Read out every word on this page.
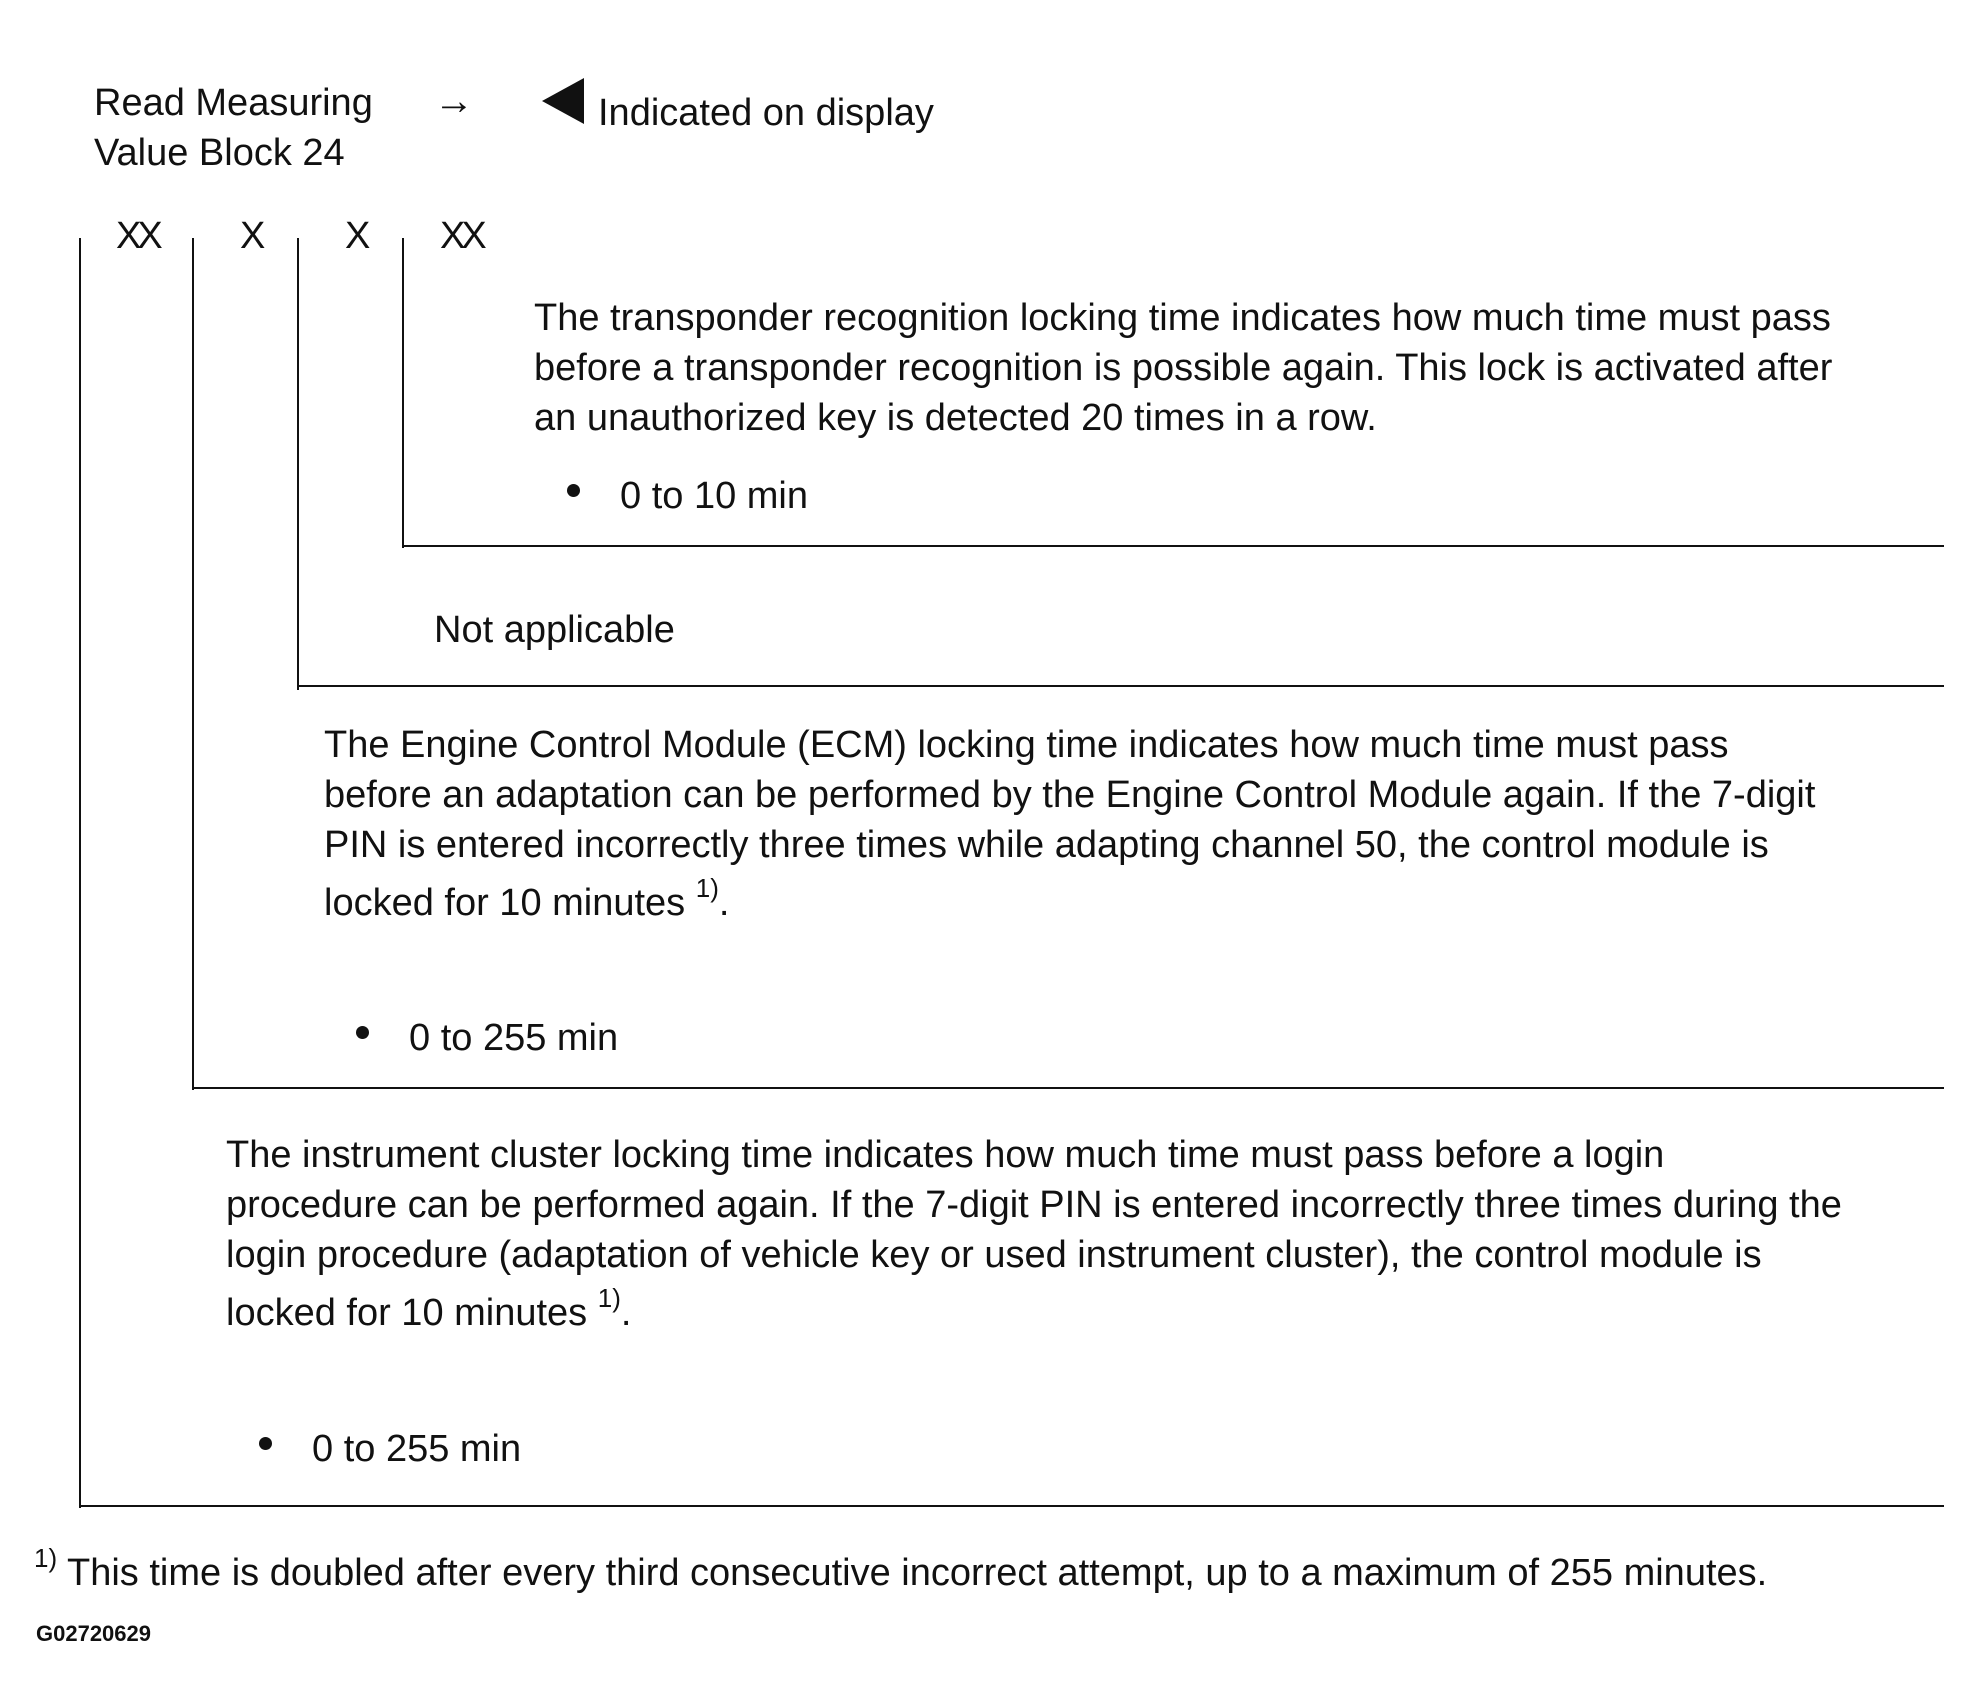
Read Measuring
Value Block 24
→	Indicated on display
XX X X XX
The transponder recognition locking time indicates how much time must pass
before a transponder recognition is possible again. This lock is activated after
an unauthorized key is detected 20 times in a row.
0 to 10 min
Not applicable
The Engine Control Module (ECM) locking time indicates how much time must pass
before an adaptation can be performed by the Engine Control Module again. If the 7-digit
PIN is entered incorrectly three times while adapting channel 50, the control module is
locked for 10 minutes $^{1)}$.
0 to 255 min
The instrument cluster locking time indicates how much time must pass before a login
procedure can be performed again. If the 7-digit PIN is entered incorrectly three times during the
login procedure (adaptation of vehicle key or used instrument cluster), the control module is
locked for 10 minutes $^{1)}$.
0 to 255 min
$^{1)}$ This time is doubled after every third consecutive incorrect attempt, up to a maximum of 255 minutes.
G02720629
